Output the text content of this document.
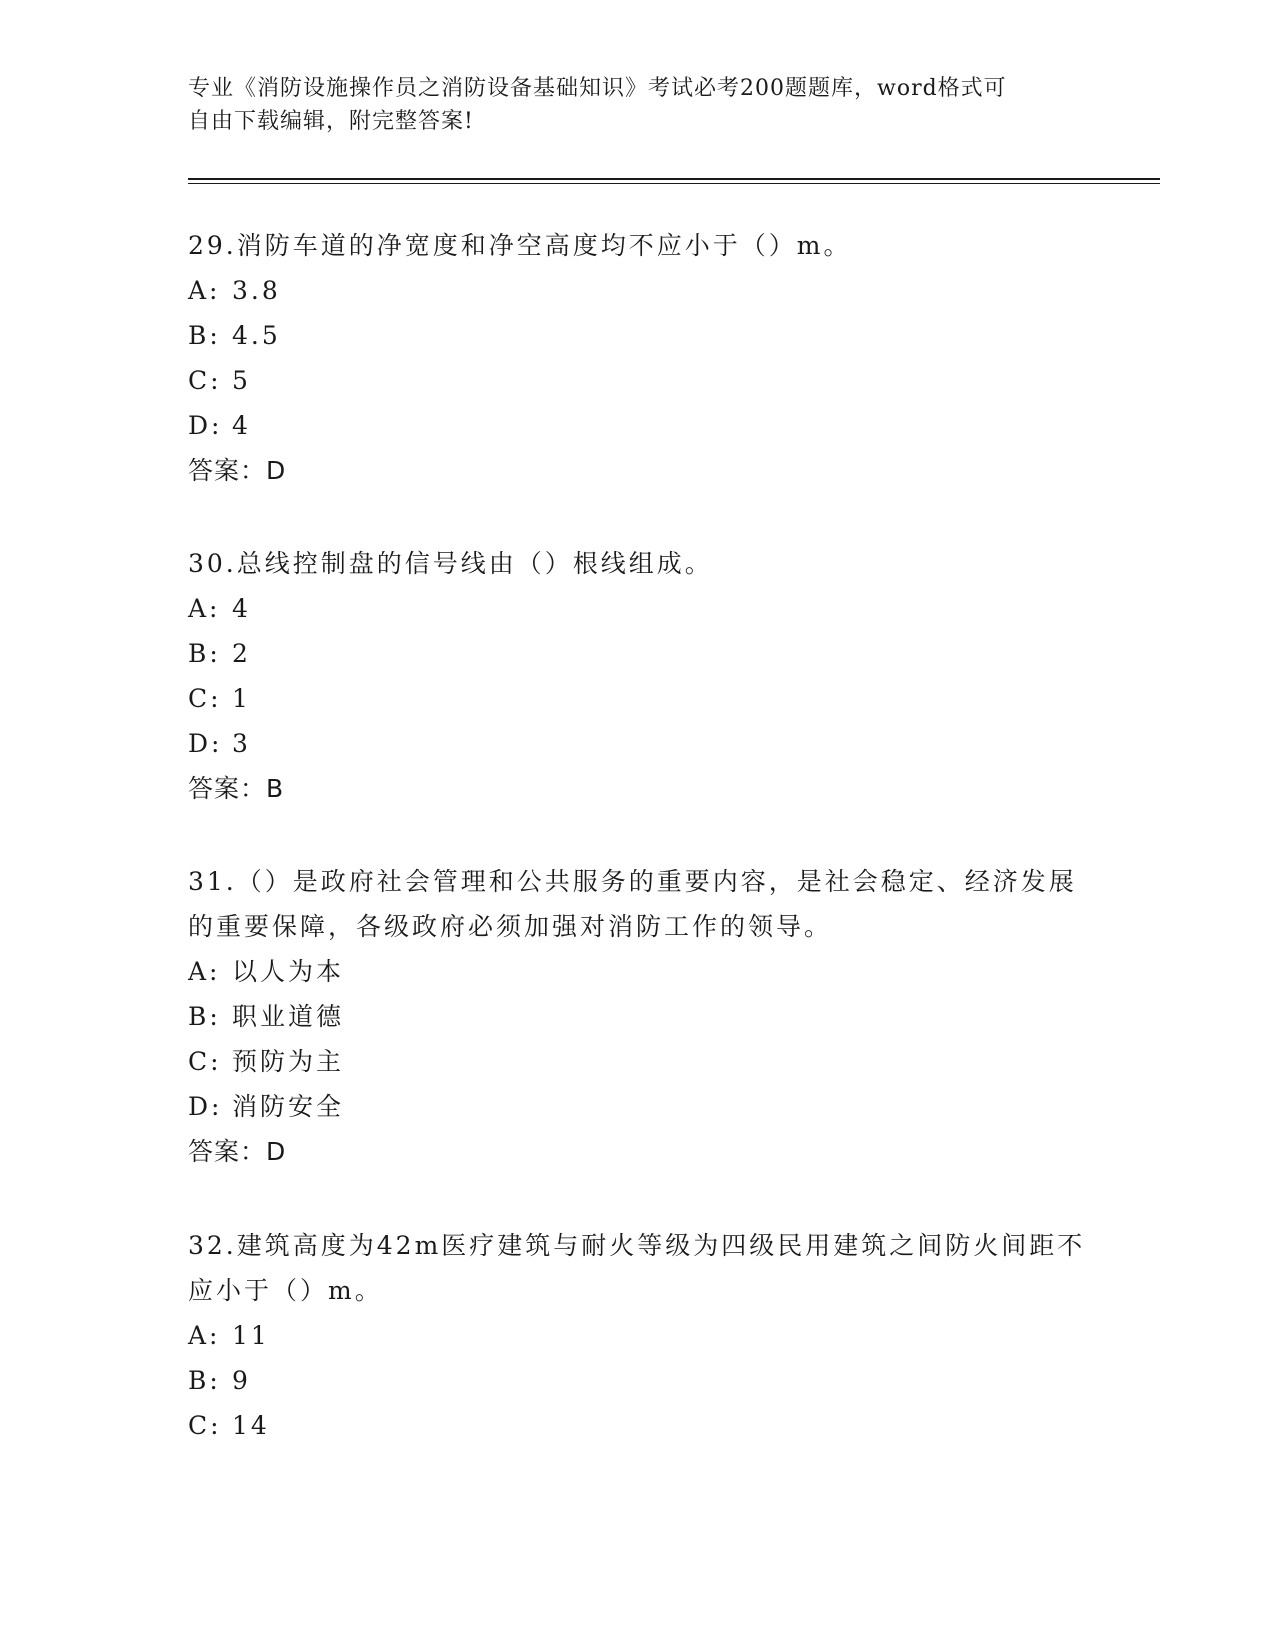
专业《消防设施操作员之消防设备基础知识》考试必考200题题库，word格式可
自由下载编辑，附完整答案!
29.消防车道的净宽度和净空高度均不应小于（）m。
A: 3.8
B: 4.5
C: 5
D: 4
答案：D
30.总线控制盘的信号线由（）根线组成。
A: 4
B: 2
C: 1
D: 3
答案：B
31.（）是政府社会管理和公共服务的重要内容，是社会稳定、经济发展的重要保障，各级政府必须加强对消防工作的领导。
A: 以人为本
B: 职业道德
C: 预防为主
D: 消防安全
答案：D
32.建筑高度为42m医疗建筑与耐火等级为四级民用建筑之间防火间距不应小于（）m。
A: 11
B: 9
C: 14
